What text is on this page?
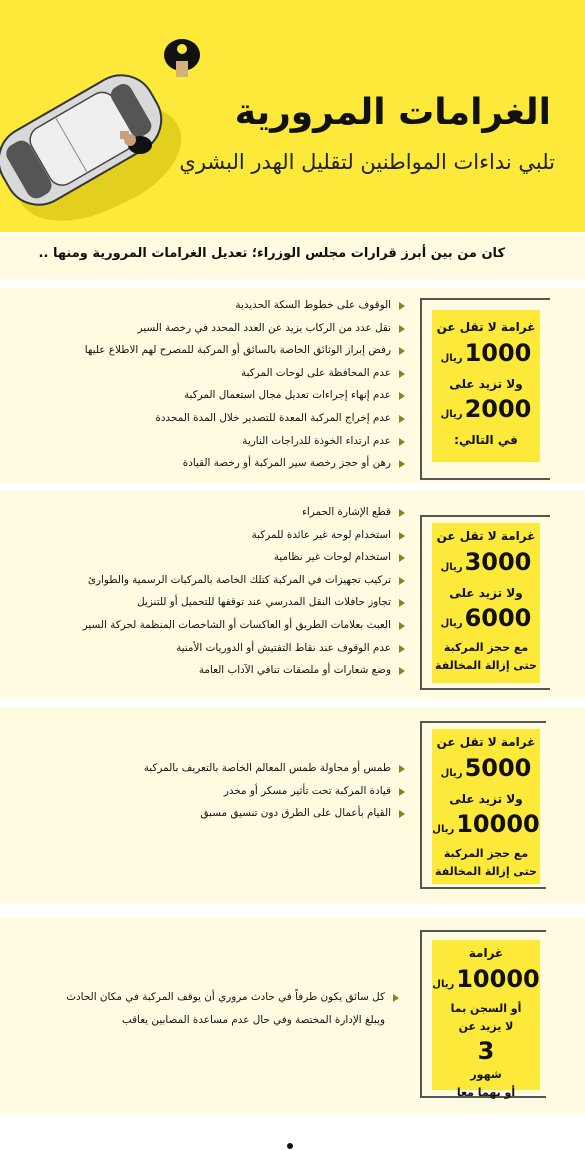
الغرامات المرورية
تلبي نداءات المواطنين لتقليل الهدر البشري
كان من بين أبرز قرارات مجلس الوزراء؛ تعديل الغرامات المرورية ومنها ..
الوقوف على خطوط السكة الحديدية
نقل عدد من الركاب يزيد عن العدد المحدد في رخصة السير
رفض إبراز الوثائق الخاصة بالسائق أو المركبة للمصرح لهم الاطلاع عليها
عدم المحافظة على لوحات المركبة
عدم إنهاء إجراءات تعديل مجال استعمال المركبة
عدم إخراج المركبة المعدة للتصدير خلال المدة المحددة
عدم ارتداء الخوذة للدراجات النارية
رهن أو حجز رخصة سير المركبة أو رخصة القيادة
غرامة لا تقل عن
1000ريال
ولا تزيد على
2000ريال
في التالي:
قطع الإشارة الحمراء
استخدام لوحة غير عائدة للمركبة
استخدام لوحات غير نظامية
تركيب تجهيزات في المركبة كتلك الخاصة بالمركبات الرسمية والطوارئ
تجاوز حافلات النقل المدرسي عند توقفها للتحميل أو للتنزيل
العبث بعلامات الطريق أو العاكسات أو الشاخصات المنظمة لحركة السير
عدم الوقوف عند نقاط التفتيش أو الدوريات الأمنية
وضع شعارات أو ملصقات تنافي الآداب العامة
غرامة لا تقل عن
3000ريال
ولا تزيد على
6000ريال
مع حجز المركبة
حتى إزالة المخالفة
طمس أو محاولة طمس المعالم الخاصة بالتعريف بالمركبة
قيادة المركبة تحت تأثير مسكر أو مخدر
القيام بأعمال على الطرق دون تنسيق مسبق
غرامة لا تقل عن
5000ريال
ولا تزيد على
10000ريال
مع حجز المركبة
حتى إزالة المخالفة
كل سائق يكون طرفاً في حادث مروري أن يوقف المركبة في مكان الحادث
ويبلغ الإدارة المختصة وفي حال عدم مساعدة المصابين يعاقب
غرامة
10000ريال
أو السجن بما
لا يزيد عن
3
شهور
أو بهما معا
